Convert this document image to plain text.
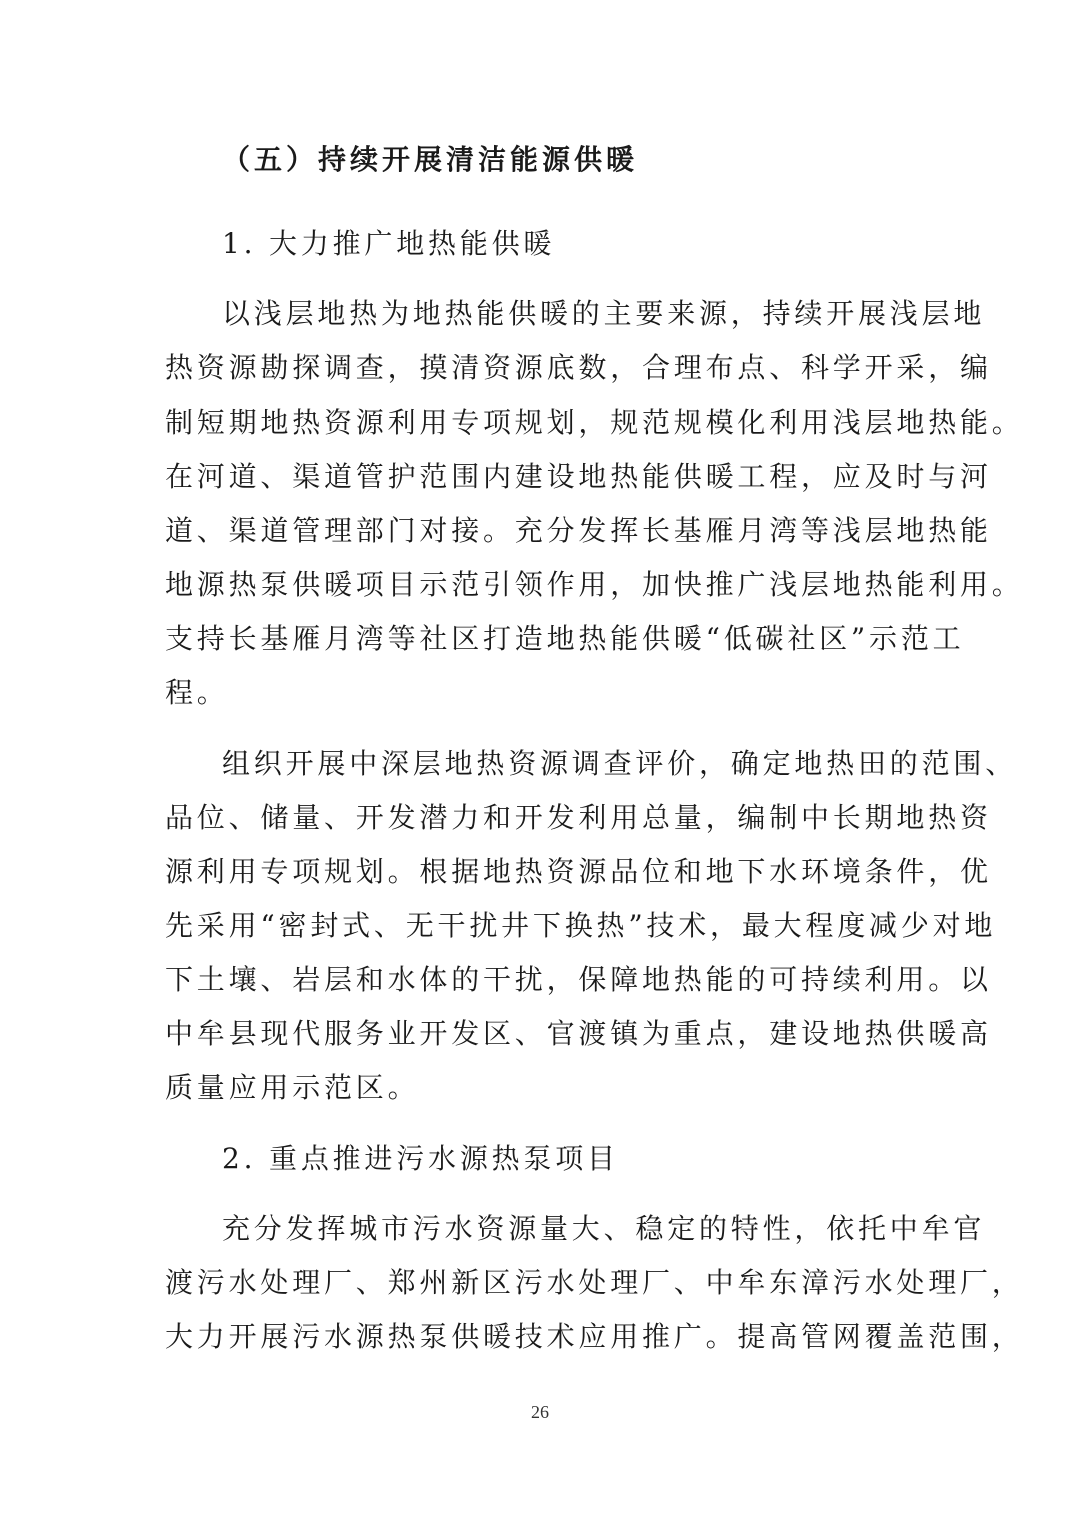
（五）持续开展清洁能源供暖
1. 大力推广地热能供暖
以浅层地热为地热能供暖的主要来源，持续开展浅层地
热资源勘探调查，摸清资源底数，合理布点、科学开采，编
制短期地热资源利用专项规划，规范规模化利用浅层地热能。
在河道、渠道管护范围内建设地热能供暖工程，应及时与河
道、渠道管理部门对接。充分发挥长基雁月湾等浅层地热能
地源热泵供暖项目示范引领作用，加快推广浅层地热能利用。
支持长基雁月湾等社区打造地热能供暖“低碳社区”示范工
程。
组织开展中深层地热资源调查评价，确定地热田的范围、
品位、储量、开发潜力和开发利用总量，编制中长期地热资
源利用专项规划。根据地热资源品位和地下水环境条件，优
先采用“密封式、无干扰井下换热”技术，最大程度减少对地
下土壤、岩层和水体的干扰，保障地热能的可持续利用。以
中牟县现代服务业开发区、官渡镇为重点，建设地热供暖高
质量应用示范区。
2. 重点推进污水源热泵项目
充分发挥城市污水资源量大、稳定的特性，依托中牟官
渡污水处理厂、郑州新区污水处理厂、中牟东漳污水处理厂，
大力开展污水源热泵供暖技术应用推广。提高管网覆盖范围，
26
